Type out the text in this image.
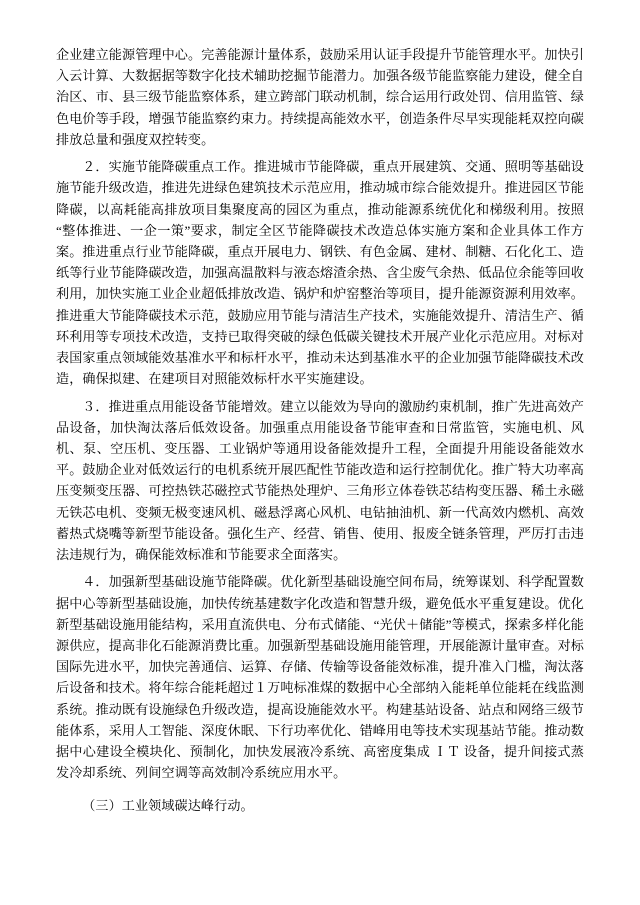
企业建立能源管理中心。完善能源计量体系，鼓励采用认证手段提升节能管理水平。加快引入云计算、大数据据等数字化技术辅助挖掘节能潜力。加强各级节能监察能力建设，健全自治区、市、县三级节能监察体系，建立跨部门联动机制，综合运用行政处罚、信用监管、绿色电价等手段，增强节能监察约束力。持续提高能效水平，创造条件尽早实现能耗双控向碳排放总量和强度双控转变。

２．实施节能降碳重点工作。推进城市节能降碳，重点开展建筑、交通、照明等基础设施节能升级改造，推进先进绿色建筑技术示范应用，推动城市综合能效提升。推进园区节能降碳，以高耗能高排放项目集聚度高的园区为重点，推动能源系统优化和梯级利用。按照“整体推进、一企一策”要求，制定全区节能降碳技术改造总体实施方案和企业具体工作方案。推进重点行业节能降碳，重点开展电力、钢铁、有色金属、建材、制糖、石化化工、造纸等行业节能降碳改造，加强高温散料与液态熔渣余热、含尘废气余热、低品位余能等回收利用，加快实施工业企业超低排放改造、锅炉和炉窑整治等项目，提升能源资源利用效率。推进重大节能降碳技术示范，鼓励应用节能与清洁生产技术，实施能效提升、清洁生产、循环利用等专项技术改造，支持已取得突破的绿色低碳关键技术开展产业化示范应用。对标对表国家重点领域能效基准水平和标杆水平，推动未达到基准水平的企业加强节能降碳技术改造，确保拟建、在建项目对照能效标杆水平实施建设。

３．推进重点用能设备节能增效。建立以能效为导向的激励约束机制，推广先进高效产品设备，加快淘汰落后低效设备。加强重点用能设备节能审查和日常监管，实施电机、风机、泵、空压机、变压器、工业锅炉等通用设备能效提升工程，全面提升用能设备能效水平。鼓励企业对低效运行的电机系统开展匹配性节能改造和运行控制优化。推广特大功率高压变频变压器、可控热铁芯磁控式节能热处理炉、三角形立体卷铁芯结构变压器、稀土永磁无铁芯电机、变频无极变速风机、磁悬浮离心风机、电钻抽油机、新一代高效内燃机、高效蓄热式烧嘴等新型节能设备。强化生产、经营、销售、使用、报废全链条管理，严厉打击违法违规行为，确保能效标准和节能要求全面落实。

４．加强新型基础设施节能降碳。优化新型基础设施空间布局，统筹谋划、科学配置数据中心等新型基础设施，加快传统基建数字化改造和智慧升级，避免低水平重复建设。优化新型基础设施用能结构，采用直流供电、分布式储能、“光伏＋储能”等模式，探索多样化能源供应，提高非化石能源消费比重。加强新型基础设施用能管理，开展能源计量审查。对标国际先进水平，加快完善通信、运算、存储、传输等设备能效标准，提升准入门槛，淘汰落后设备和技术。将年综合能耗超过１万吨标准煤的数据中心全部纳入能耗单位能耗在线监测系统。推动既有设施绿色升级改造，提高设施能效水平。构建基站设备、站点和网络三级节能体系，采用人工智能、深度休眠、下行功率优化、错峰用电等技术实现基站节能。推动数据中心建设全模块化、预制化，加快发展液冷系统、高密度集成 ＩＴ 设备，提升间接式蒸发冷却系统、列间空调等高效制冷系统应用水平。

（三）工业领域碳达峰行动。
